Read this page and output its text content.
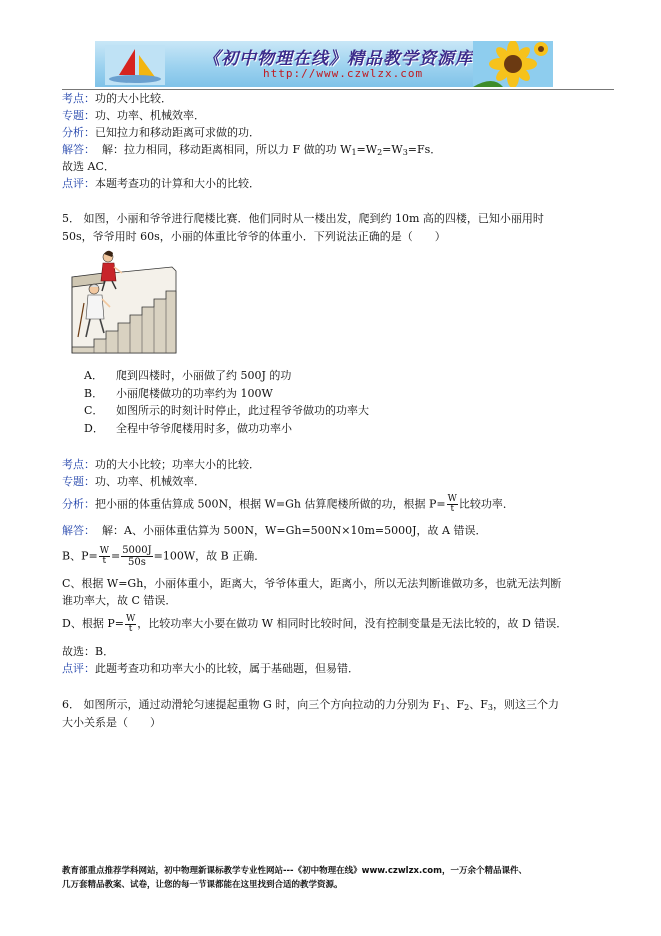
《初中物理在线》精品教学资源库
http://www.czwlzx.com
考点：功的大小比较．
专题：功、功率、机械效率．
分析：已知拉力和移动距离可求做的功．
解答： 解：拉力相同，移动距离相同，所以力 F 做的功 $W_1=W_2=W_3=Fs$．
故选 AC．
点评：本题考查功的计算和大小的比较．
5． 如图，小丽和爷爷进行爬楼比赛．他们同时从一楼出发，爬到约 10m 高的四楼，已知小丽用时
50s，爷爷用时 60s，小丽的体重比爷爷的体重小．下列说法正确的是（　　）
A． 爬到四楼时，小丽做了约 500J 的功
B． 小丽爬楼做功的功率约为 100W
C． 如图所示的时刻计时停止，此过程爷爷做功的功率大
D． 全程中爷爷爬楼用时多，做功功率小
考点：功的大小比较；功率大小的比较．
专题：功、功率、机械效率．
分析：把小丽的体重估算成 500N，根据 W=Gh 估算爬楼所做的功，根据 $P= \frac{W}{t}$ 比较功率．
解答： 解：A、小丽体重估算为 500N，W=Gh=500N×10m=5000J，故 A 错误．
B、$P= \frac{W}{t} = \frac{5000J}{50s} =100W$，故 B 正确．
C、根据 W=Gh，小丽体重小，距离大，爷爷体重大，距离小，所以无法判断谁做功多，也就无法判断
谁功率大，故 C 错误．
D、根据 $P= \frac{W}{t}$ ，比较功率大小要在做功 W 相同时比较时间，没有控制变量是无法比较的，故 D 错误．
故选：B．
点评：此题考查功和功率大小的比较，属于基础题，但易错．
6． 如图所示，通过动滑轮匀速提起重物 G 时，向三个方向拉动的力分别为 $F_1$、$F_2$、$F_3$，则这三个力
大小关系是（　　）
教育部重点推荐学科网站，初中物理新课标教学专业性网站---《初中物理在线》www.czwlzx.com，一万余个精品课件、
几万套精品教案、试卷，让您的每一节课都能在这里找到合适的教学资源。
